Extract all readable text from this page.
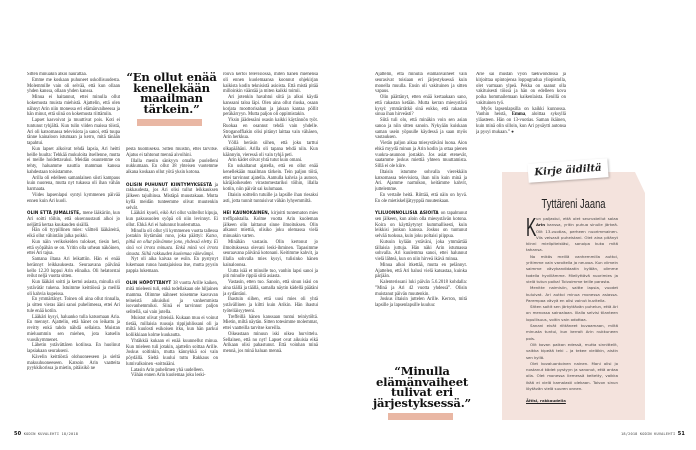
Sitten minuakin alkoi naurattaa.

Emme me koskaan puhuneet uskollisuudesta. Molemmille vain oli selvää, että kun ollaan yhden kanssa, ollaan yhden kanssa.

Minua ei haitannut, ettei minulla ollut kokemusta muista miehistä. Ajattelin, että olen nähnyt Arin niin monessa eri elämänvaiheessa ja hän minut, että siinä on kokemusta riittämiin.

Lapset kasvoivat ja muuttivat pois. Koti ei tuntunut tyhjältä. Kun tulin viiden maissa töistä, Ari oli katsomassa televisiota ja sanoi, että tuupa tänne kainaloon istumaan ja kerro, mitä tänään tapahtui.

Kun lapset alkoivat tehdä lapsia, Ari heitti heille huulta: Tehkää mukuloita itsellenne, mutta ei meille hoidettavaksi. Meidän osuutemme on tehty, haluamme nauttia mamman kanssa kahdestaan toisistamme.

Arilla oli edelleen samanlainen siisti kampaus kuin nuorena, mutta nyt tukassa oli ihan vähän harmaata.

Viides lapsenlapsi syntyi kymmenen päivää ennen kuin Ari kuoli.

OLIN ETTÄ JUMALISTE, mene lääkäriin, kun Ari soitti töihin, että oksennustauti alkoi jo neljättä kertaa kuukauden sisällä.

Hän oli tyypillinen mies: vältteli lääkäreitä, eikä ollut vähintäin jalka poikki.

Kun näin verikokeiden tulokset, tiesin heti, että syöpähän se on. Yritin olla urhean näköinen, ettei Ari tajua.

Samana iltana Ari leikattiin. Hän ei enää herännyt leikkauksesta. Seuraavana päivänä kello 12.20 loppui Arin elinaika. Oli helatorstai reilut neljä vuotta sitten.

Kun lääkäri soitti ja kertoi asiasta, minulla oli ystävätär tukena. Istuimme keittiössä ja meillä oli kahvia kupeissa.

En ymmärtänyt. Toinen oli aina ollut rinnalla, ja sitten vieras ääni sanoi puhelimessa, ettei Ari tule enää kotiin.

Lääkäri kysyi, haluanko tulla katsomaan Aria. En mennyt. Ajattelin, että hänet on leikattu ja revitty enkä tahdo nähdä sellaista. Muistan mieluummin sen miehen, jota katselin vuosikymmenet.

Lähetin ystävättären kotiinsa. En huolinut lapsiakaan seurakseni.

Kävelin keittiöstä olohuoneeseen ja sieltä makuuhuoneeseen. Katsoin Arin vaatteita pyykkikorissa ja mietin, pitäisikö ne

“En ollut enää
kenellekään
maailman
tärkein.”

pestä huomiseksi. Sitten muistin, ettei tarvitse. Ajatus ei tahtonut mennä aivoihini.

Illalla menin sänkyyn omalle puolelleni nukkumaan. En ollut 38 yhteisen vuotemme aikana koskaan ollut yötä yksin kotona.

OLISIN PUHUNUT KIINTYMYKSESTÄ ja rakkaudesta, jos Ari olisi tullut leikkauksen jälkeen tajuihinsa. Mistäpä muustakaan. Mutta kyllä meidän tunteemme olivat muutenkin selvät.

Lääkäri kyseli, eikö Ari ollut valitellut kipuja, kun paksusuolen syöpä oli niin levinnyt. Ei ollut. Ehkä Ari ei halunnut huolestuttaa.

Minulla oli ollut yli kymmenen vuotta tallessa jostakin löytämäni runo, joka päättyi: Katso, pitkä on ollut päivämme jono, yhdessä eletty. Ei sinä voi irrota minusta. Enkä minä voi irrota sinusta. Siihä rakkauden kuolemaa väkevämpi.

Nyt oli aika kaivaa se esiin. En pystynyt lukemaan runoa hautajaisissa itse, mutta pyysin pappia lukemaan.

OLIN HÖPÖTTÄNYT 38 vuotta Arille kaiken, mitä mieleeni tuli, enkä todellakaan ole hiljainen mamma. Olimme nähneet toisemme kasvavan teineistä aikuisiksi ja vanhemmista isovanhemmiksi. Siinä ei tarvinnut paljon selitellä, sai vain jutella.

Muistot olivat yhteisiä. Kukaan muu ei voinut tietää, millaisia ruusuja rippijuhlissani oli ja miltä kuulosti esikoisen itku, kun hän parkui koliikkiaan kolme kuukautta.

Yhtäkkiä kukaan ei enää kuunnellut minua. Kun mieleen tuli jotakin, ajattelin soittaa Arille. Joskus soitinkin, mutta kännykkä soi vain pöydällä. Sieltä kuului tuttu Rakkaus on lumivalkoinen -soittoääni.

Latasin Arin puhelimen yhä uudelleen.

Vähän ennen Arin kuolemaa joku leski-

rouva kertoi televisiossa, miten hänen miehensä oli ennen kuolemaansa koonnut ohjekirjan kaikista kodin teknisistä asioista. Että mistä pitää milloinkin vääntää ja miten kaikki toimii.

Ari jotenkin havahtui siitä ja alkoi käydä kanssani taloa läpi. Olen aina ollut riuska, osaan korjata moottorisahan ja jaksan kantaa pöllit peräkärryyn. Mutta paljon oli oppimistakin.

Yksin jäädessäni osasin kaikki käytännön työt. Ruokaa en osannut tehdä vain yhdelle. Stroganoffiakin olisi pitänyt laittaa vain vähäsen, Arin herkkua.

Yöllä heräsin siihen, että joku tarttui olkapäähäni. Arilla oli tapana tehdä niin. Kun käännyin, vieressä oli vain tyhjä peti.

Arin kädet olivat yhtä tutut kuin omani.

En uskaltanut ajatella, että en ollut enää kenellekään maailman tärkein. Tein paljon töitä, ettei tarvinnut ajatella. Aamulla kahvia ja autoon, käräjäoikeuden virastomestariksi töihin, illalla kotiin, niin päivät sai kulumaan.

Iltaisin soittelin tutuille ja lapsille ihan riesaksi asti, jotta tunnit tuntuisivat vähän lyhyemmiltä.

HEI KAUNOKAINEN, kirjoitti tuntematon mies treffipalstalla. Kolme vuotta Arin kuoleman jälkeen olin laittanut sinne ilmoituksen. Olin alkanut miettiä, olisiko joku olemassa vielä minuakin varten.

Minähän vastasin. Olin kertonut jo ilmoituksessa olevani leski-ihminen. Tapasimme seuraavana päivänä kotonani. Keitimme kahvit, ja illalla sohvalla mies kysyi, tulisinko hänen kainaloonsa.

Uutta isää et minulle tuo, vanhin lapsi sanoi ja piti minulle rippiä siitä asiasta.

Vastasin, etten tuo. Sanoin, että sinun isäsi on aina täällä ja täällä, samalla näytin kädellä päätäni ja sydäntäni.

Ihastuin siihen, että uusi mies oli yhtä ystävällinen ja kiltti kuin Arikin. Hän ihastui työteliäisyyteeni.

Treffeillä hänen kanssaan tuntui teiniytöltä. Mietin, miltä näytän. Sitten totesimme molemmat, ettei vaatteilla tarvitse koreilla.

Oikeastaan minuun iski oikea hurvittelu. Sellainen, että no nyt! Lapset ovat aikuisia eikä Arikaan olisi pahastunut. Että voinhan minä mennä, jos minä haluan mennä.

50 KODIN KUVALEHTI 18/2018

Ajattelin, että minulla elämänvaiheet vain seurasivat toisiaan eri järjestyksessä kuin monella muulla. Ensin oli vakituinen ja sitten vapaus.

Olin päättänyt, etten enää kertaakaan sano, että rakastan ketään. Mutta kerran miesystävä kysyi: ymmärrätkö sinä eukko, että rakastan sinua ihan hirveästi?

Siitä tuli olo, että minäkin voin sen asian sanoa ja niin sitten sanoin. Nykyään kuiskaan saman usein yöpuulle käydessä ja saan myös vastauksen.

Vietän paljon aikaa miesystäväni luona. Aion ehkä myydä minun ja Arin kodin ja ottaa pienen vuokra-asunnon jostakin. Jos asiat etenevät, saatamme joskus miettiä yhteen muuttamista. Sillä ei ole kiire.

Iltaisin istumme sohvalla vierekkäin katsomassa televisiota, ihan niin kuin minä ja Ari. Ajamme narmikon, keitämme kahvit, juttelemme.

En vertaile heitä. Riittää, että näin on hyvä. En ole mietiskelijätyyppiä muutenkaan.

YLILUONNOLLISIA ASIOITA on tapahtunut sen jälkeen, kun aloin olla miesystävän kotona. Koira on käyttäytynyt kummallisesti, kuin leikkisi jonkun kanssa. Joskus on tuntunut selvää tuoksua, kuin joku poltaisi piippua.

Kutsuin kylään ystäväni, joka ymmärtää tällaisia juttuja. Hän näki Arin istumassa sohvalla. Ari kuulemma sanoi, ettei halunnut vielä lähteä, kun on niin hirveä ikävä minua.

Minua alkoi itkettää, mutta en pelännyt. Ajattelen, että Ari halusi vielä katsastaa, kuinka pärjään.

Kalenterissani luki päivän 5.6.2018 kohdalla: ”Minä ja Ari 42 vuotta yhdessä”. Olisin muistanut päivän muutenkin.

Joskus iltaisin juttelen Arille. Kerron, mitä lapsille ja lapsenlapsille kuuluu:

“Minulla
elämänvaiheet
tulivat eri
järjestyksessä.”

Arie sai mustan vyön taekwondossa ja kirjoittaa opintojensa loppugradua yliopistolla, olet varmaan ylpeä. Pekka on saanut olla vakituisesti töissä ja hän on edelleen kova poika hommailemaan kaikenlaista. Eenillä on vakituinen työ.

Myös lapsenlapsilla on kaikki kunnossa. Vanhin heistä, Emma, aloittaa syksyllä yläasteen. Hän on 13-vuotias. Saman ikäinen, kuin minä olin silloin, kun Ari pysäytti autonsa ja pysyi mukaan.” ●

Kirje äidiltä
Tyttäreni Jaana
K un paljastui, että olet seurustellut salaa Arin kanssa, yritin puhua sinulle järkeä. Olit 13-vuotias, perheen nuorimmainen. Viis veisasit puheistani. Olet aina pitänyt kiinni mielipiteistäsi, sanoipa kuka mitä tahansa.

No mikäs meillä vanhemmilla auttoi, yritimme vain varoitella ja neuvoa. Kun viimein saimme vävykandidaatin kylään, olimme todella hyvillämme. Miellyttävä nuorimies ja vielä tutun poika! Toivoimme teille parasta.

Menitte naimisiin, saitte lapsia, vuodet kuluivat. Ari auttoi minua monessa asiassa. Parempaa vävyä en olisi voinut kuvitella.

Sitten soitit sen järkyttävän puhelun, että Ari on menossa sairaalaan. Illalla selvisi tilanteen lopullisuus, voitin vain odottaa.

Sanani eivät riittäneet kuvaamaan, miltä minusta tuntui, kun kerroit Arin nukkuneen pois.

Olit kovan paikan edessä, mutta sinnittelit, vaikka kipeää teki – ja tekee vieläkin, aistin sen kyllä.

Olet kovaluontoinen nainen. Moni olisi jo nostanut kädet pystyyn ja sanonut, että antaa olla. Olet monessa liemessä keitetty, vaikka ikää ei vielä kamalasti olekaan. Toivon sinun löytävän vielä suuren onnen.

Äitisi, rakkaudella
18/2018 KODIN KUVALEHTI 51
